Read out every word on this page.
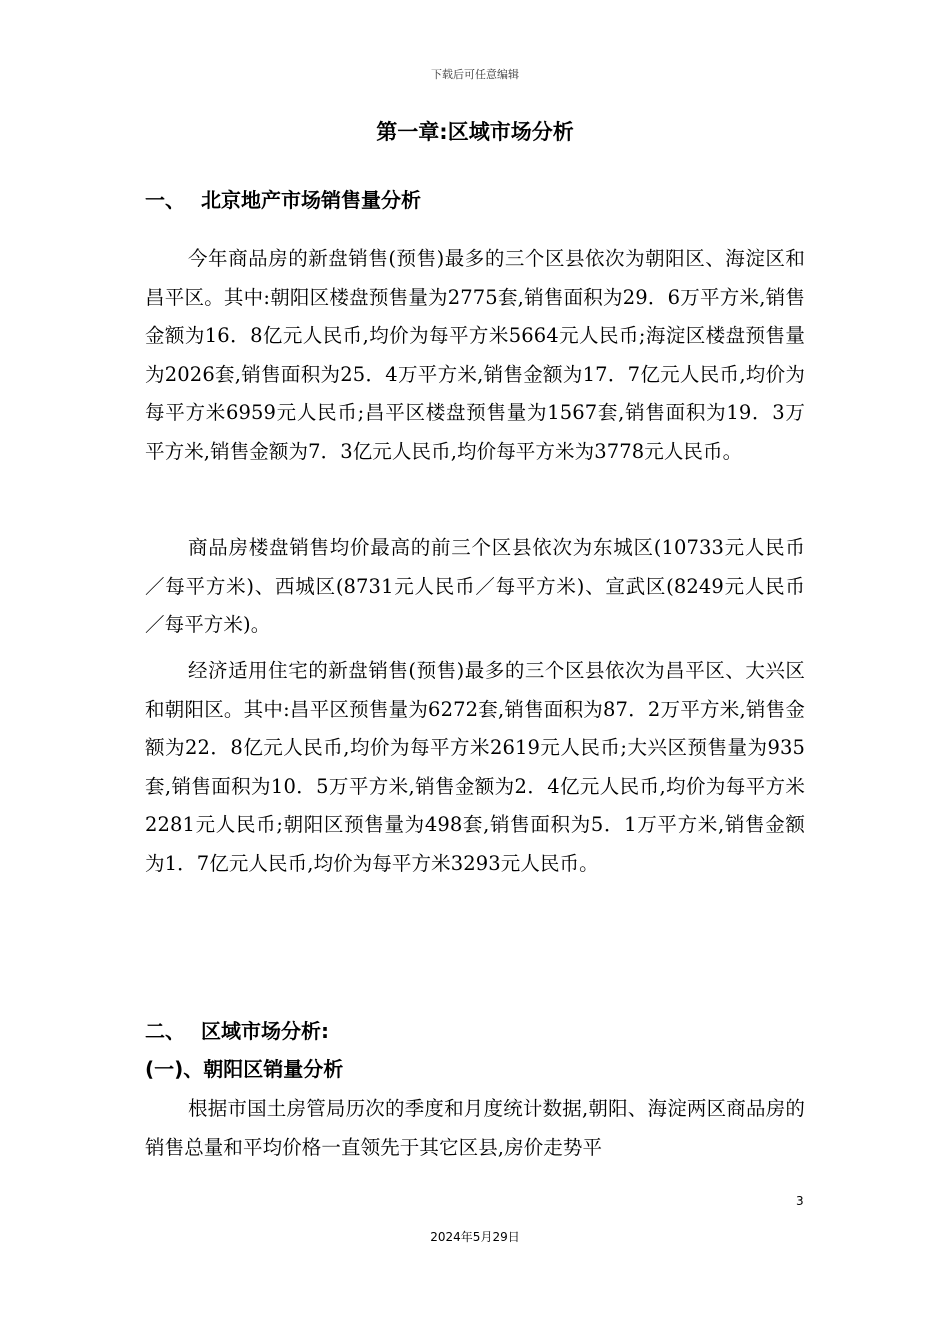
下载后可任意编辑
第一章:区域市场分析
一、 北京地产市场销售量分析

今年商品房的新盘销售(预售)最多的三个区县依次为朝阳区、海淀区和昌平区。其中:朝阳区楼盘预售量为2775套,销售面积为29．6万平方米,销售金额为16．8亿元人民币,均价为每平方米5664元人民币;海淀区楼盘预售量为2026套,销售面积为25．4万平方米,销售金额为17．7亿元人民币,均价为每平方米6959元人民币;昌平区楼盘预售量为1567套,销售面积为19．3万平方米,销售金额为7．3亿元人民币,均价每平方米为3778元人民币。

商品房楼盘销售均价最高的前三个区县依次为东城区(10733元人民币／每平方米)、西城区(8731元人民币／每平方米)、宣武区(8249元人民币／每平方米)。

经济适用住宅的新盘销售(预售)最多的三个区县依次为昌平区、大兴区和朝阳区。其中:昌平区预售量为6272套,销售面积为87．2万平方米,销售金额为22．8亿元人民币,均价为每平方米2619元人民币;大兴区预售量为935套,销售面积为10．5万平方米,销售金额为2．4亿元人民币,均价为每平方米2281元人民币;朝阳区预售量为498套,销售面积为5．1万平方米,销售金额为1．7亿元人民币,均价为每平方米3293元人民币。

二、 区域市场分析:
(一)、朝阳区销量分析

根据市国土房管局历次的季度和月度统计数据,朝阳、海淀两区商品房的销售总量和平均价格一直领先于其它区县,房价走势平

3
2024年5月29日
